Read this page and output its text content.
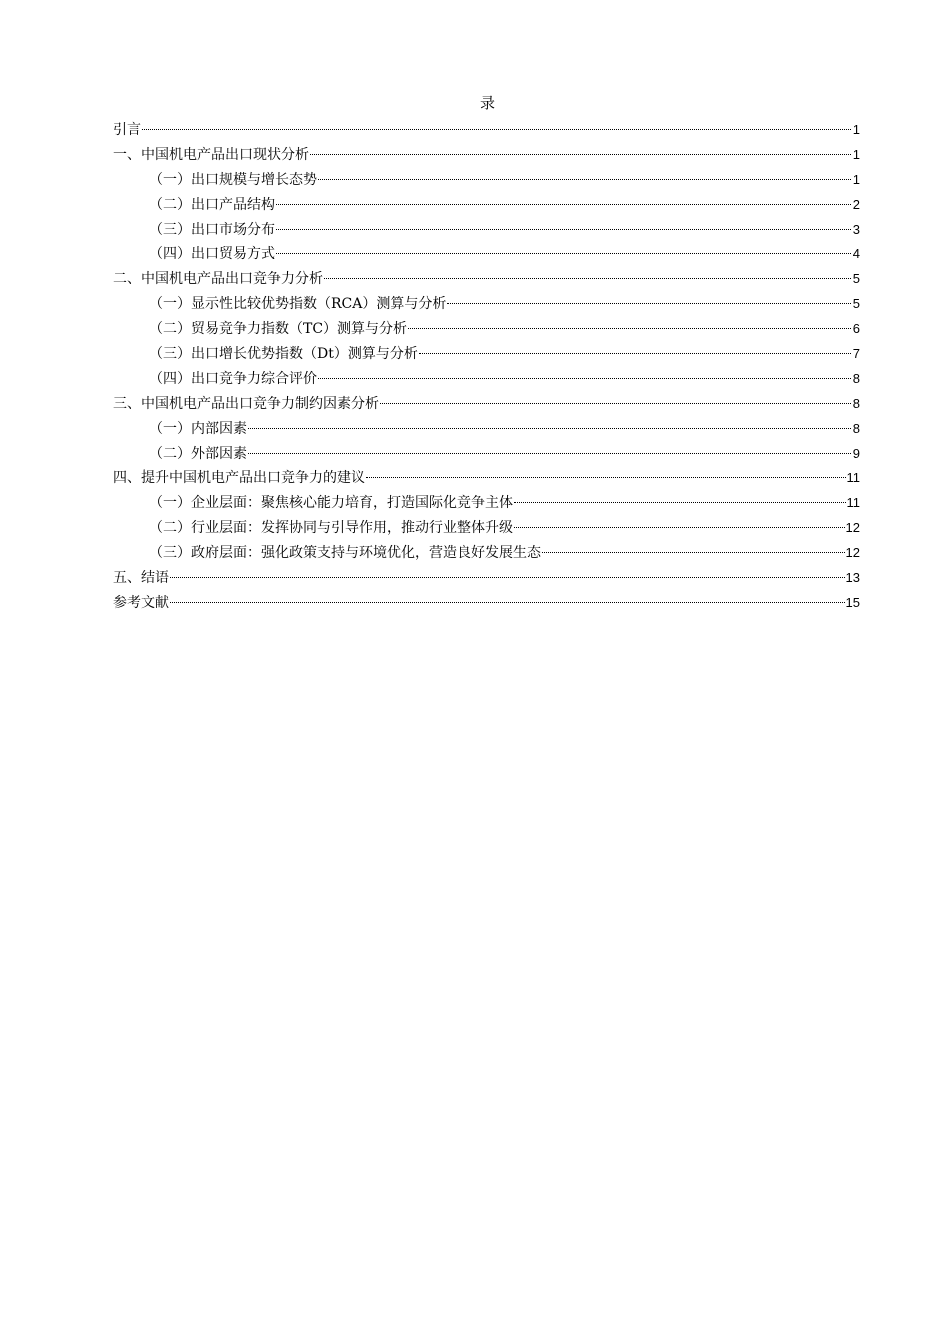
录
引言	1
一、中国机电产品出口现状分析	1
（一）出口规模与增长态势	1
（二）出口产品结构	2
（三）出口市场分布	3
（四）出口贸易方式	4
二、中国机电产品出口竞争力分析	5
（一）显示性比较优势指数（RCA）测算与分析	5
（二）贸易竞争力指数（TC）测算与分析	6
（三）出口增长优势指数（Dt）测算与分析	7
（四）出口竞争力综合评价	8
三、中国机电产品出口竞争力制约因素分析	8
（一）内部因素	8
（二）外部因素	9
四、提升中国机电产品出口竞争力的建议	11
（一）企业层面：聚焦核心能力培育，打造国际化竞争主体	11
（二）行业层面：发挥协同与引导作用，推动行业整体升级	12
（三）政府层面：强化政策支持与环境优化，营造良好发展生态	12
五、结语	13
参考文献	15
